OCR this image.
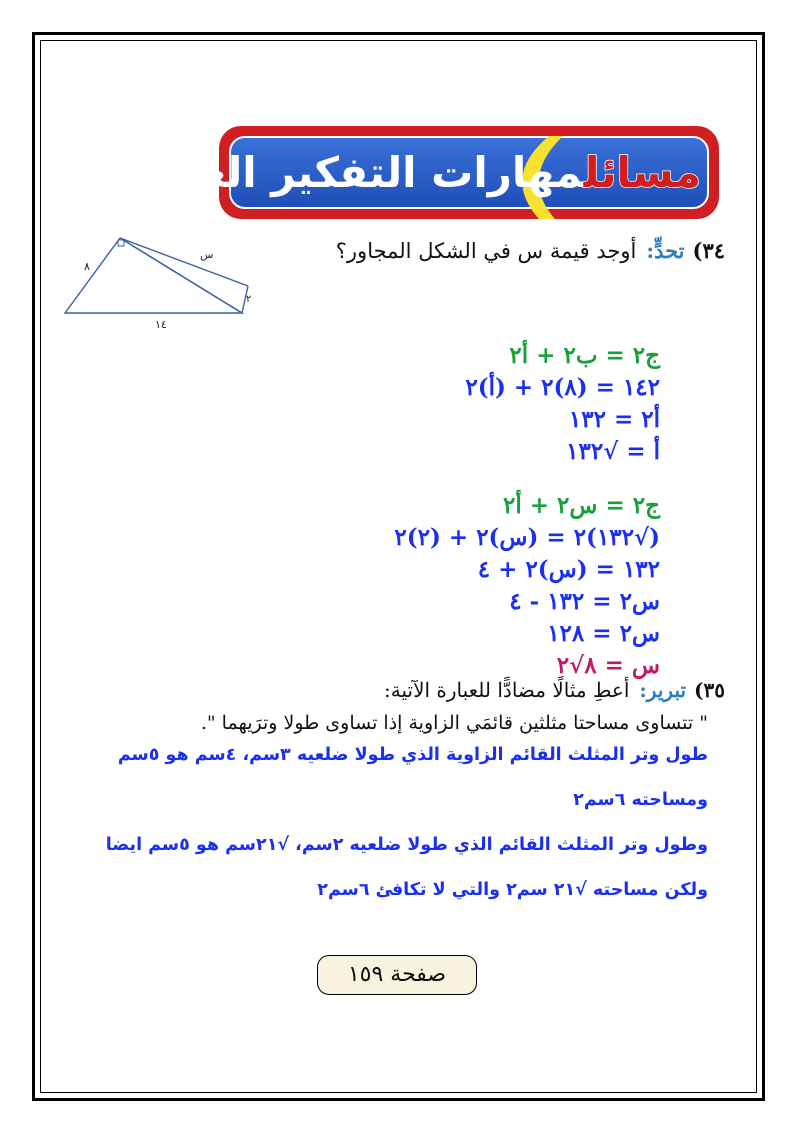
مسائلمهارات التفكير العليا:
٣٤)تحدٍّ:أوجد قيمة س في الشكل المجاور؟
٨
س
٢
١٤
ج٢ = ب٢ + أ٢
١٤٢ = (٨)٢ + (أ)٢
أ٢ = ١٣٢
أ = √١٣٢
ج٢ = س٢ + أ٢
(√١٣٢)٢ = (س)٢ + (٢)٢
١٣٢ = (س)٢ + ٤
س٢ = ١٣٢ - ٤
س٢ = ١٢٨
س = ٨√٢
٣٥)تبرير:أعطِ مثالًا مضادًّا للعبارة الآتية:
" تتساوى مساحتا مثلثين قائمَي الزاوية إذا تساوى طولا وترَيهما ".
طول وتر المثلث القائم الزاوية الذي طولا ضلعيه ٣سم، ٤سم هو ٥سم
ومساحته ٦سم٢
وطول وتر المثلث القائم الذي طولا ضلعيه ٢سم، √٢١سم هو ٥سم ايضا
ولكن مساحته √٢١ سم٢ والتي لا تكافئ ٦سم٢
صفحة ١٥٩
